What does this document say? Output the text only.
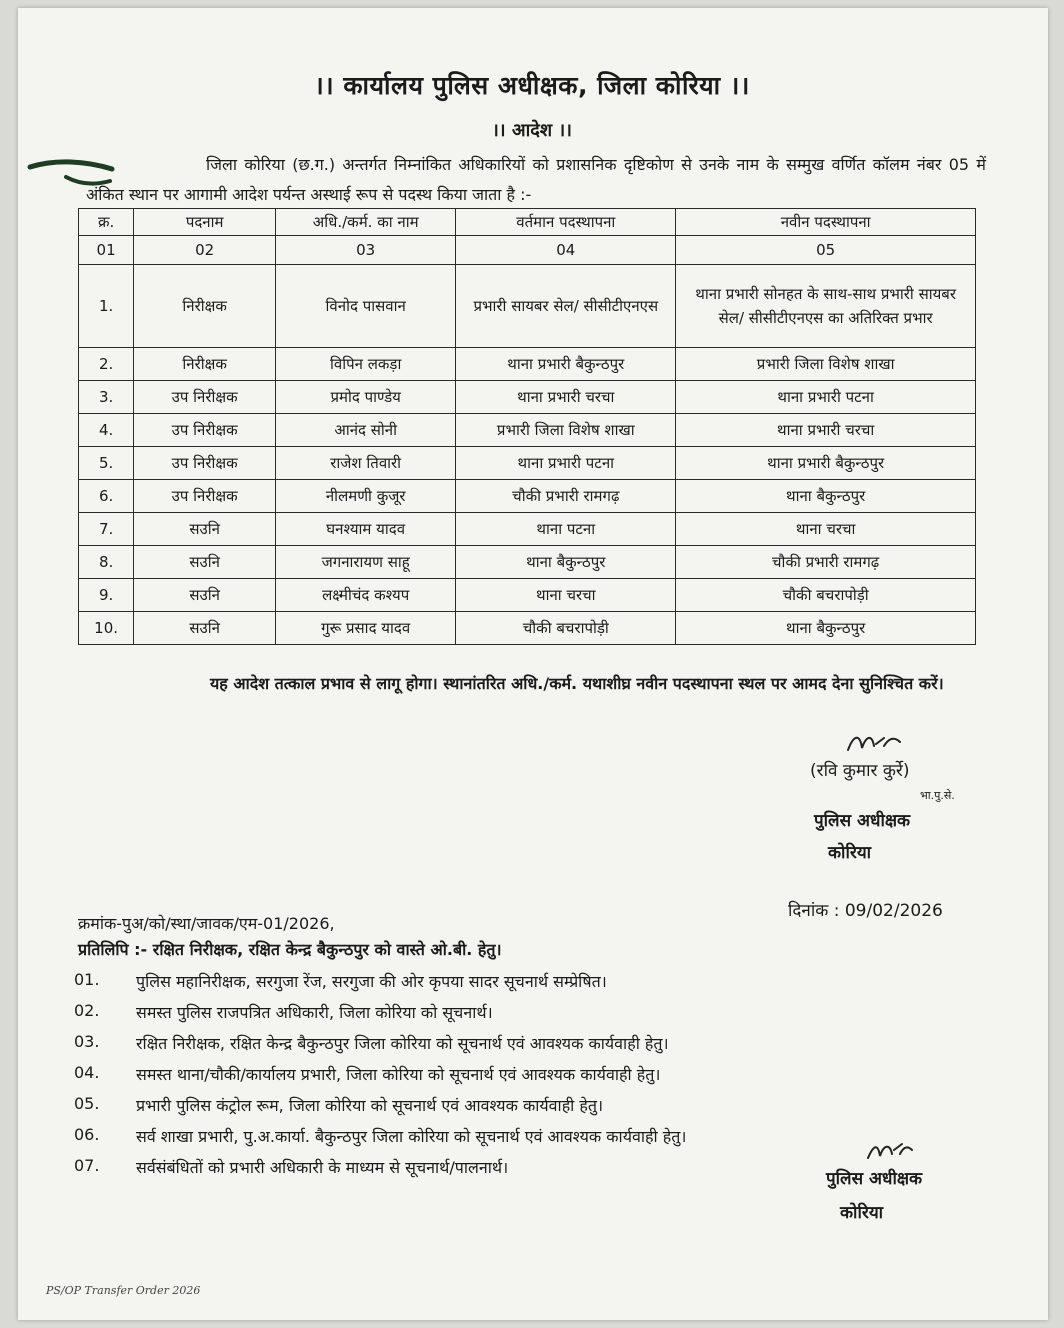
।। कार्यालय पुलिस अधीक्षक, जिला कोरिया ।।
।। आदेश ।।
जिला कोरिया (छ.ग.) अन्तर्गत निम्नांकित अधिकारियों को प्रशासनिक दृष्टिकोण से उनके नाम के सम्मुख वर्णित कॉलम नंबर 05 में अंकित स्थान पर आगामी आदेश पर्यन्त अस्थाई रूप से पदस्थ किया जाता है :-
क्र.	पदनाम	अधि./कर्म. का नाम	वर्तमान पदस्थापना	नवीन पदस्थापना
01	02	03	04	05
1.	निरीक्षक	विनोद पासवान	प्रभारी सायबर सेल/ सीसीटीएनएस	थाना प्रभारी सोनहत के साथ-साथ प्रभारी सायबर सेल/ सीसीटीएनएस का अतिरिक्त प्रभार
2.	निरीक्षक	विपिन लकड़ा	थाना प्रभारी बैकुन्ठपुर	प्रभारी जिला विशेष शाखा
3.	उप निरीक्षक	प्रमोद पाण्डेय	थाना प्रभारी चरचा	थाना प्रभारी पटना
4.	उप निरीक्षक	आनंद सोनी	प्रभारी जिला विशेष शाखा	थाना प्रभारी चरचा
5.	उप निरीक्षक	राजेश तिवारी	थाना प्रभारी पटना	थाना प्रभारी बैकुन्ठपुर
6.	उप निरीक्षक	नीलमणी कुजूर	चौकी प्रभारी रामगढ़	थाना बैकुन्ठपुर
7.	सउनि	घनश्याम यादव	थाना पटना	थाना चरचा
8.	सउनि	जगनारायण साहू	थाना बैकुन्ठपुर	चौकी प्रभारी रामगढ़
9.	सउनि	लक्ष्मीचंद कश्यप	थाना चरचा	चौकी बचरापोड़ी
10.	सउनि	गुरू प्रसाद यादव	चौकी बचरापोड़ी	थाना बैकुन्ठपुर
यह आदेश तत्काल प्रभाव से लागू होगा। स्थानांतरित अधि./कर्म. यथाशीघ्र नवीन पदस्थापना स्थल पर आमद देना सुनिश्चित करें।
(रवि कुमार कुर्रे)
भा.पु.से.
पुलिस अधीक्षक
कोरिया
दिनांक : 09/02/2026
क्रमांक-पुअ/को/स्था/जावक/एम-01/2026,
प्रतिलिपि :- रक्षित निरीक्षक, रक्षित केन्द्र बैकुन्ठपुर को वास्ते ओ.बी. हेतु।
01.	पुलिस महानिरीक्षक, सरगुजा रेंज, सरगुजा की ओर कृपया सादर सूचनार्थ सम्प्रेषित।
02.	समस्त पुलिस राजपत्रित अधिकारी, जिला कोरिया को सूचनार्थ।
03.	रक्षित निरीक्षक, रक्षित केन्द्र बैकुन्ठपुर जिला कोरिया को सूचनार्थ एवं आवश्यक कार्यवाही हेतु।
04.	समस्त थाना/चौकी/कार्यालय प्रभारी, जिला कोरिया को सूचनार्थ एवं आवश्यक कार्यवाही हेतु।
05.	प्रभारी पुलिस कंट्रोल रूम, जिला कोरिया को सूचनार्थ एवं आवश्यक कार्यवाही हेतु।
06.	सर्व शाखा प्रभारी, पु.अ.कार्या. बैकुन्ठपुर जिला कोरिया को सूचनार्थ एवं आवश्यक कार्यवाही हेतु।
07.	सर्वसंबंधितों को प्रभारी अधिकारी के माध्यम से सूचनार्थ/पालनार्थ।
पुलिस अधीक्षक
कोरिया
PS/OP Transfer Order 2026
